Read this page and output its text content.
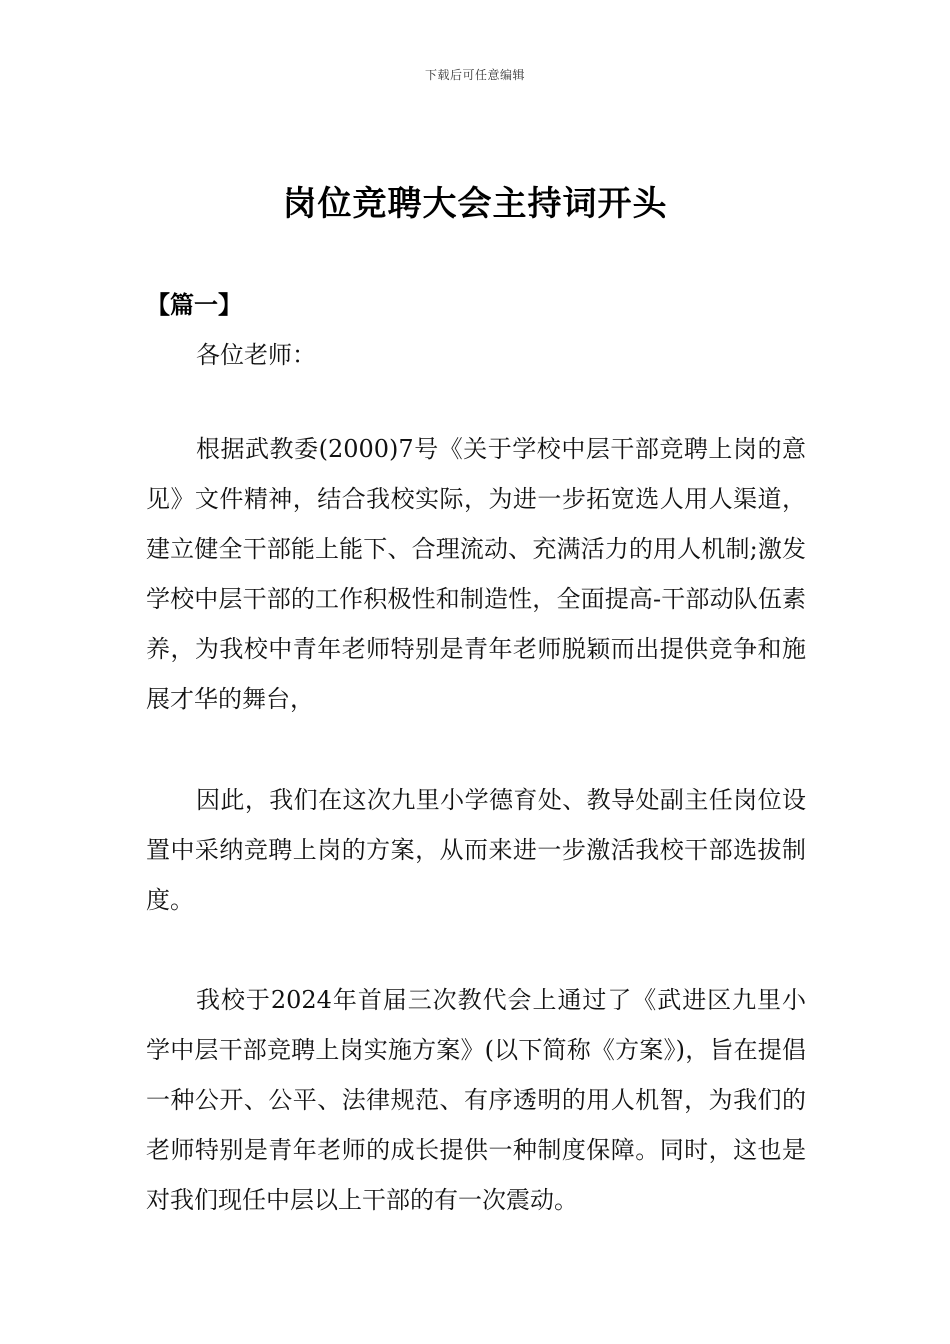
下载后可任意编辑
岗位竞聘大会主持词开头
【篇一】
各位老师：

根据武教委(2000)7号《关于学校中层干部竞聘上岗的意见》文件精神，结合我校实际，为进一步拓宽选人用人渠道，建立健全干部能上能下、合理流动、充满活力的用人机制;激发学校中层干部的工作积极性和制造性，全面提高-干部动队伍素养，为我校中青年老师特别是青年老师脱颖而出提供竞争和施展才华的舞台，

因此，我们在这次九里小学德育处、教导处副主任岗位设置中采纳竞聘上岗的方案，从而来进一步激活我校干部选拔制度。

我校于2024年首届三次教代会上通过了《武进区九里小学中层干部竞聘上岗实施方案》(以下简称《方案》)，旨在提倡一种公开、公平、法律规范、有序透明的用人机智，为我们的老师特别是青年老师的成长提供一种制度保障。同时，这也是对我们现任中层以上干部的有一次震动。
